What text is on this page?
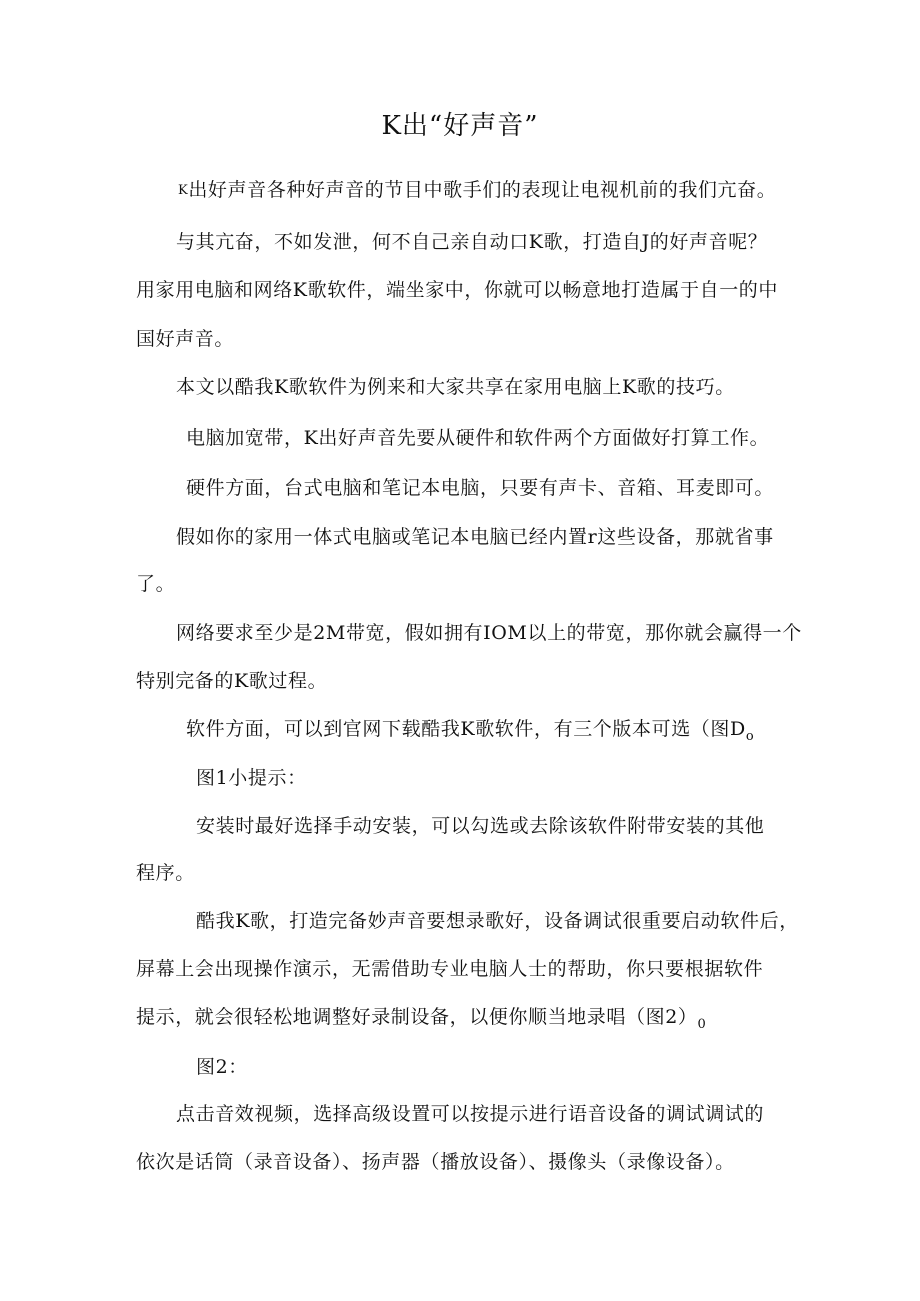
K出“好声音”
K出好声音各种好声音的节目中歌手们的表现让电视机前的我们亢奋。
与其亢奋，不如发泄，何不自己亲自动口K歌，打造自J的好声音呢？
用家用电脑和网络K歌软件，端坐家中，你就可以畅意地打造属于自一的中
国好声音。
本文以酷我K歌软件为例来和大家共享在家用电脑上K歌的技巧。
电脑加宽带，K出好声音先要从硬件和软件两个方面做好打算工作。
硬件方面，台式电脑和笔记本电脑，只要有声卡、音箱、耳麦即可。
假如你的家用一体式电脑或笔记本电脑已经内置r这些设备，那就省事
了。
网络要求至少是2M带宽，假如拥有IOM以上的带宽，那你就会赢得一个
特别完备的K歌过程。
软件方面，可以到官网下载酷我K歌软件，有三个版本可选（图$D_o$
图1小提示：
安装时最好选择手动安装，可以勾选或去除该软件附带安装的其他
程序。
酷我K歌，打造完备妙声音要想录歌好，设备调试很重要启动软件后，
屏幕上会出现操作演示，无需借助专业电脑人士的帮助，你只要根据软件
提示，就会很轻松地调整好录制设备，以便你顺当地录唱（图$2)_0$
图2：
点击音效视频，选择高级设置可以按提示进行语音设备的调试调试的
依次是话筒（录音设备）、扬声器（播放设备）、摄像头（录像设备）。
